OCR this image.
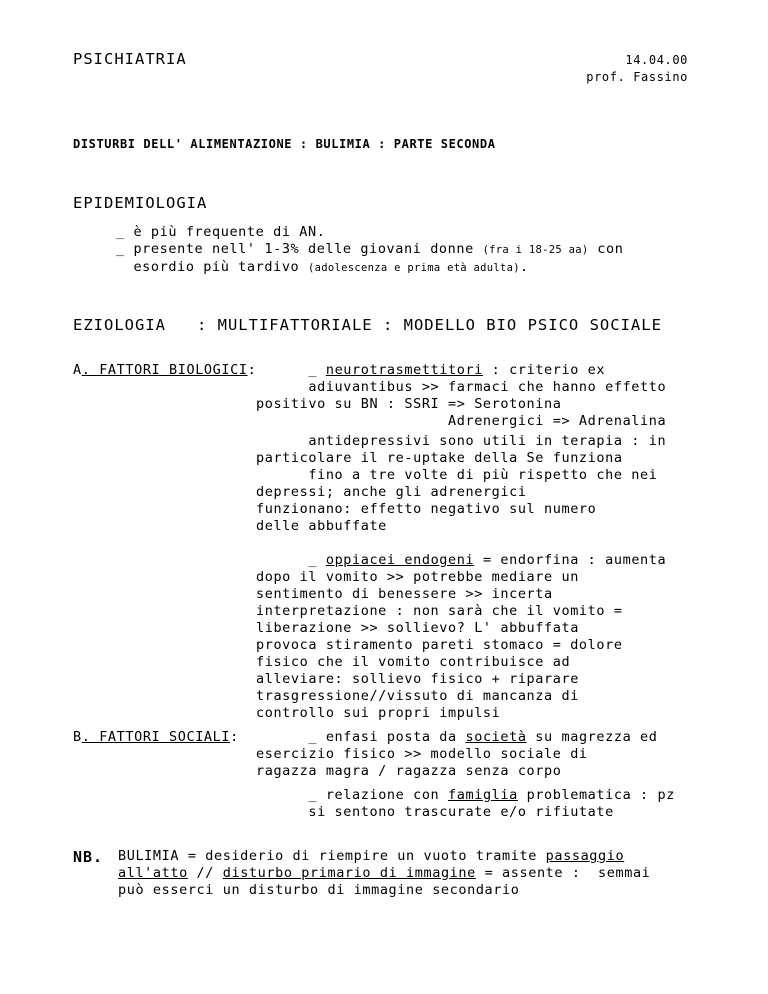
PSICHIATRIA	14.04.00
prof. Fassino
DISTURBI DELL' ALIMENTAZIONE : BULIMIA : PARTE SECONDA
EPIDEMIOLOGIA
_ è più frequente di AN.
_ presente nell' 1-3% delle giovani donne (fra i 18-25 aa) con
esordio più tardivo (adolescenza e prima età adulta).
EZIOLOGIA   : MULTIFATTORIALE : MODELLO BIO PSICO SOCIALE
A. FATTORI BIOLOGICI:	_ neurotrasmettitori : criterio ex
adiuvantibus >> farmaci che hanno effetto
positivo su BN : SSRI => Serotonina
Adrenergici => Adrenalina
antidepressivi sono utili in terapia : in
particolare il re-uptake della Se funziona
fino a tre volte di più rispetto che nei
depressi; anche gli adrenergici
funzionano: effetto negativo sul numero
delle abbuffate
_ oppiacei endogeni = endorfina : aumenta
dopo il vomito >> potrebbe mediare un
sentimento di benessere >> incerta
interpretazione : non sarà che il vomito =
liberazione >> sollievo? L' abbuffata
provoca stiramento pareti stomaco = dolore
fisico che il vomito contribuisce ad
alleviare: sollievo fisico + riparare
trasgressione//vissuto di mancanza di
controllo sui propri impulsi
B. FATTORI SOCIALI:	_ enfasi posta da società su magrezza ed
esercizio fisico >> modello sociale di
ragazza magra / ragazza senza corpo
_ relazione con famiglia problematica : pz
si sentono trascurate e/o rifiutate
NB. BULIMIA = desiderio di riempire un vuoto tramite passaggio
all'atto // disturbo primario di immagine = assente :  semmai
può esserci un disturbo di immagine secondario
